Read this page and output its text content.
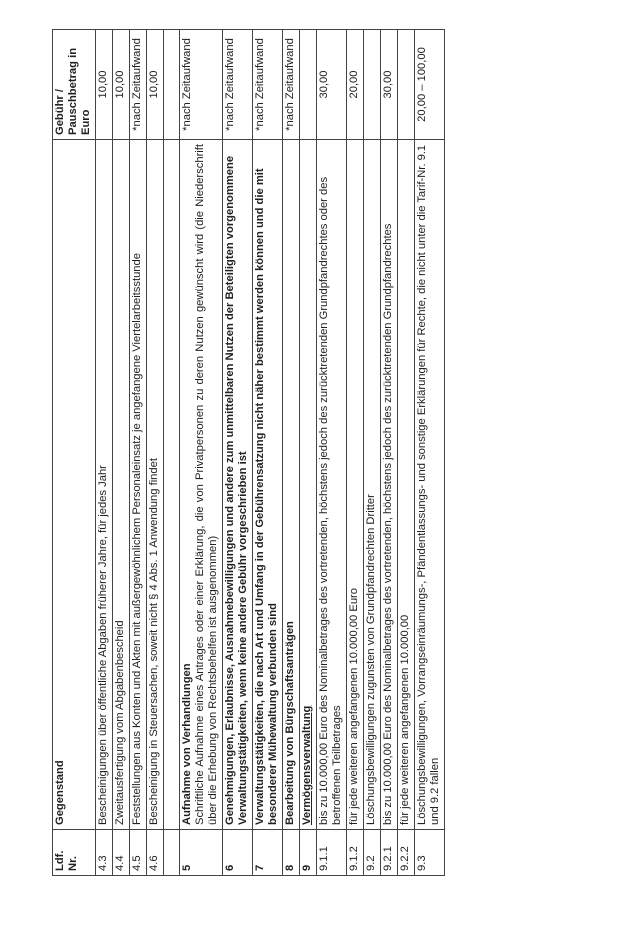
Ldf. Nr.	Gegenstand	Gebühr / Pauschbetrag in Euro
4.3	Bescheinigungen über öffentliche Abgaben früherer Jahre, für jedes Jahr	10,00
4.4	Zweitausfertigung vom Abgabenbescheid	10,00
4.5	Feststellungen aus Konten und Akten mit außergewöhnlichem Personaleinsatz je angefangene Viertelarbeitsstunde	*nach Zeitaufwand
4.6	Bescheinigung in Steuersachen, soweit nicht § 4 Abs. 1 Anwendung findet	10,00

5	Aufnahme von Verhandlungen Schriftliche Aufnahme eines Antrages oder einer Erklärung, die von Privatpersonen zu deren Nutzen gewünscht wird (die Niederschrift über die Erhebung von Rechtsbehelfen ist ausgenommen)	*nach Zeitaufwand
6	Genehmigungen, Erlaubnisse, Ausnahmebewilligungen und andere zum unmittelbaren Nutzen der Beteiligten vorgenommene Verwaltungstätigkeiten, wenn keine andere Gebühr vorgeschrieben ist	*nach Zeitaufwand
7	Verwaltungstätigkeiten, die nach Art und Umfang in der Gebührensatzung nicht näher bestimmt werden können und die mit besonderer Mühewaltung verbunden sind	*nach Zeitaufwand
8	Bearbeitung von Bürgschaftsanträgen	*nach Zeitaufwand
9	Vermögensverwaltung	
9.1.1	bis zu 10.000,00 Euro des Nominalbetrages des vortretenden, höchstens jedoch des zurücktretenden Grundpfandrechtes oder des betroffenen Teilbetrages	30,00
9.1.2	für jede weiteren angefangenen 10.000,00 Euro	20,00
9.2	Löschungsbewilligungen zugunsten von Grundpfandrechten Dritter	
9.2.1	bis zu 10.000,00 Euro des Nominalbetrages des vortretenden, höchstens jedoch des zurücktretenden Grundpfandrechtes	30,00
9.2.2	für jede weiteren angefangenen 10.000,00	
9.3	Löschungsbewilligungen, Vorrangseinräumungs-, Pfändentlassungs- und sonstige Erklärungen für Rechte, die nicht unter die Tarif-Nr. 9.1 und 9.2 fallen	20,00 – 100,00
